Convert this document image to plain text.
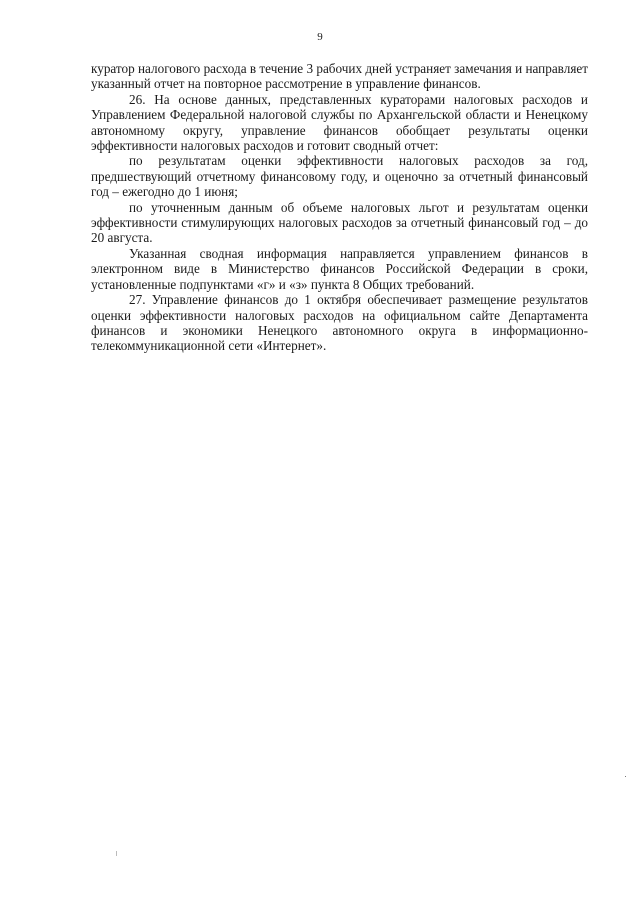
9

куратор налогового расхода в течение 3 рабочих дней устраняет замечания и направляет указанный отчет на повторное рассмотрение в управление финансов.

26. На основе данных, представленных кураторами налоговых расходов и Управлением Федеральной налоговой службы по Архангельской области и Ненецкому автономному округу, управление финансов обобщает результаты оценки эффективности налоговых расходов и готовит сводный отчет:

по результатам оценки эффективности налоговых расходов за год, предшествующий отчетному финансовому году, и оценочно за отчетный финансовый год – ежегодно до 1 июня;

по уточненным данным об объеме налоговых льгот и результатам оценки эффективности стимулирующих налоговых расходов за отчетный финансовый год – до 20 августа.

Указанная сводная информация направляется управлением финансов в электронном виде в Министерство финансов Российской Федерации в сроки, установленные подпунктами «г» и «з» пункта 8 Общих требований.

27. Управление финансов до 1 октября обеспечивает размещение результатов оценки эффективности налоговых расходов на официальном сайте Департамента финансов и экономики Ненецкого автономного округа в информационно-телекоммуникационной сети «Интернет».
